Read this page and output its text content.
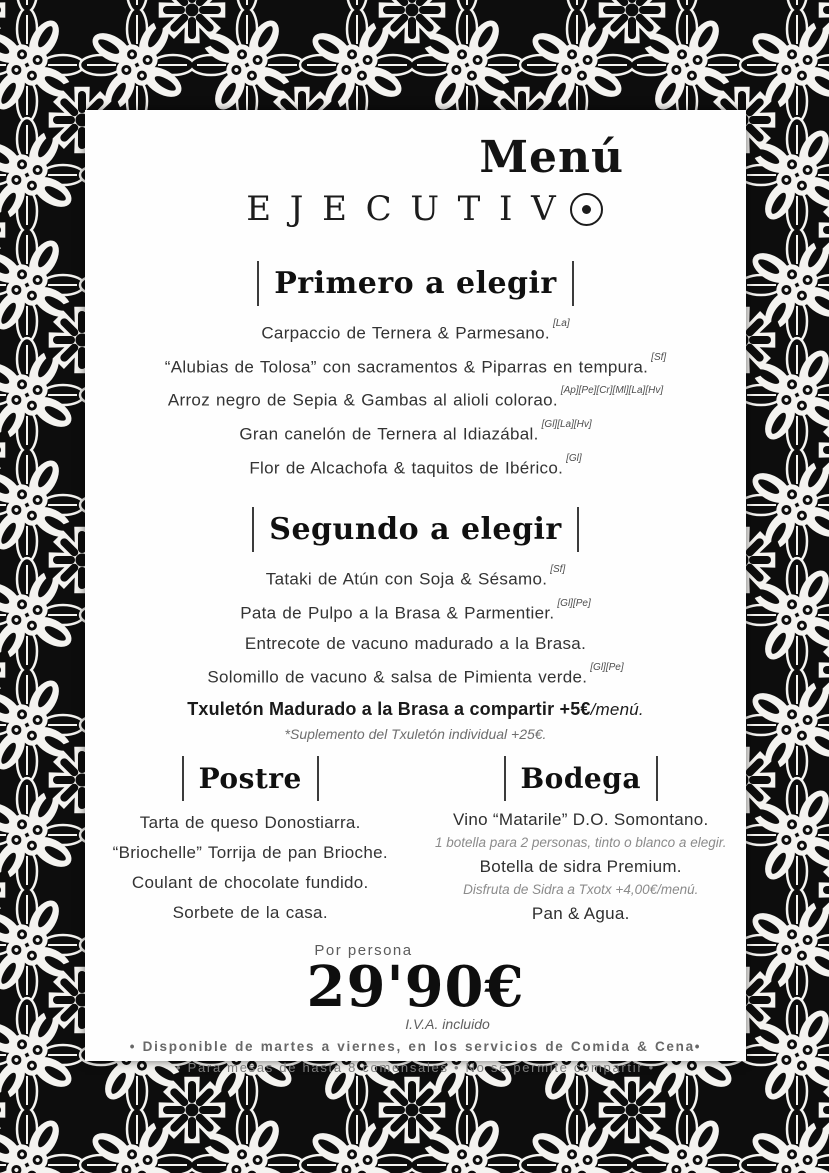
Menú
EJECUTIV
Primero a elegir
Carpaccio de Ternera & Parmesano.[La]
“Alubias de Tolosa” con sacramentos & Piparras en tempura.[Sf]
Arroz negro de Sepia & Gambas al alioli colorao.[Ap][Pe][Cr][Ml][La][Hv]
Gran canelón de Ternera al Idiazábal.[Gl][La][Hv]
Flor de Alcachofa & taquitos de Ibérico.[Gl]
Segundo a elegir
Tataki de Atún con Soja & Sésamo.[Sf]
Pata de Pulpo a la Brasa & Parmentier.[Gl][Pe]
Entrecote de vacuno madurado a la Brasa.
Solomillo de vacuno & salsa de Pimienta verde.[Gl][Pe]
Txuletón Madurado a la Brasa a compartir +5€/menú.
*Suplemento del Txuletón individual +25€.
Postre
Tarta de queso Donostiarra.
“Briochelle” Torrija de pan Brioche.
Coulant de chocolate fundido.
Sorbete de la casa.
Bodega
Vino “Matarile” D.O. Somontano.
1 botella para 2 personas, tinto o blanco a elegir.
Botella de sidra Premium.
Disfruta de Sidra a Txotx +4,00€/menú.
Pan & Agua.
Por persona
29'90€
I.V.A. incluido
• Disponible de martes a viernes, en los servicios de Comida & Cena•
• Para mesas de hasta 8 comensales • No se permite compartir •
